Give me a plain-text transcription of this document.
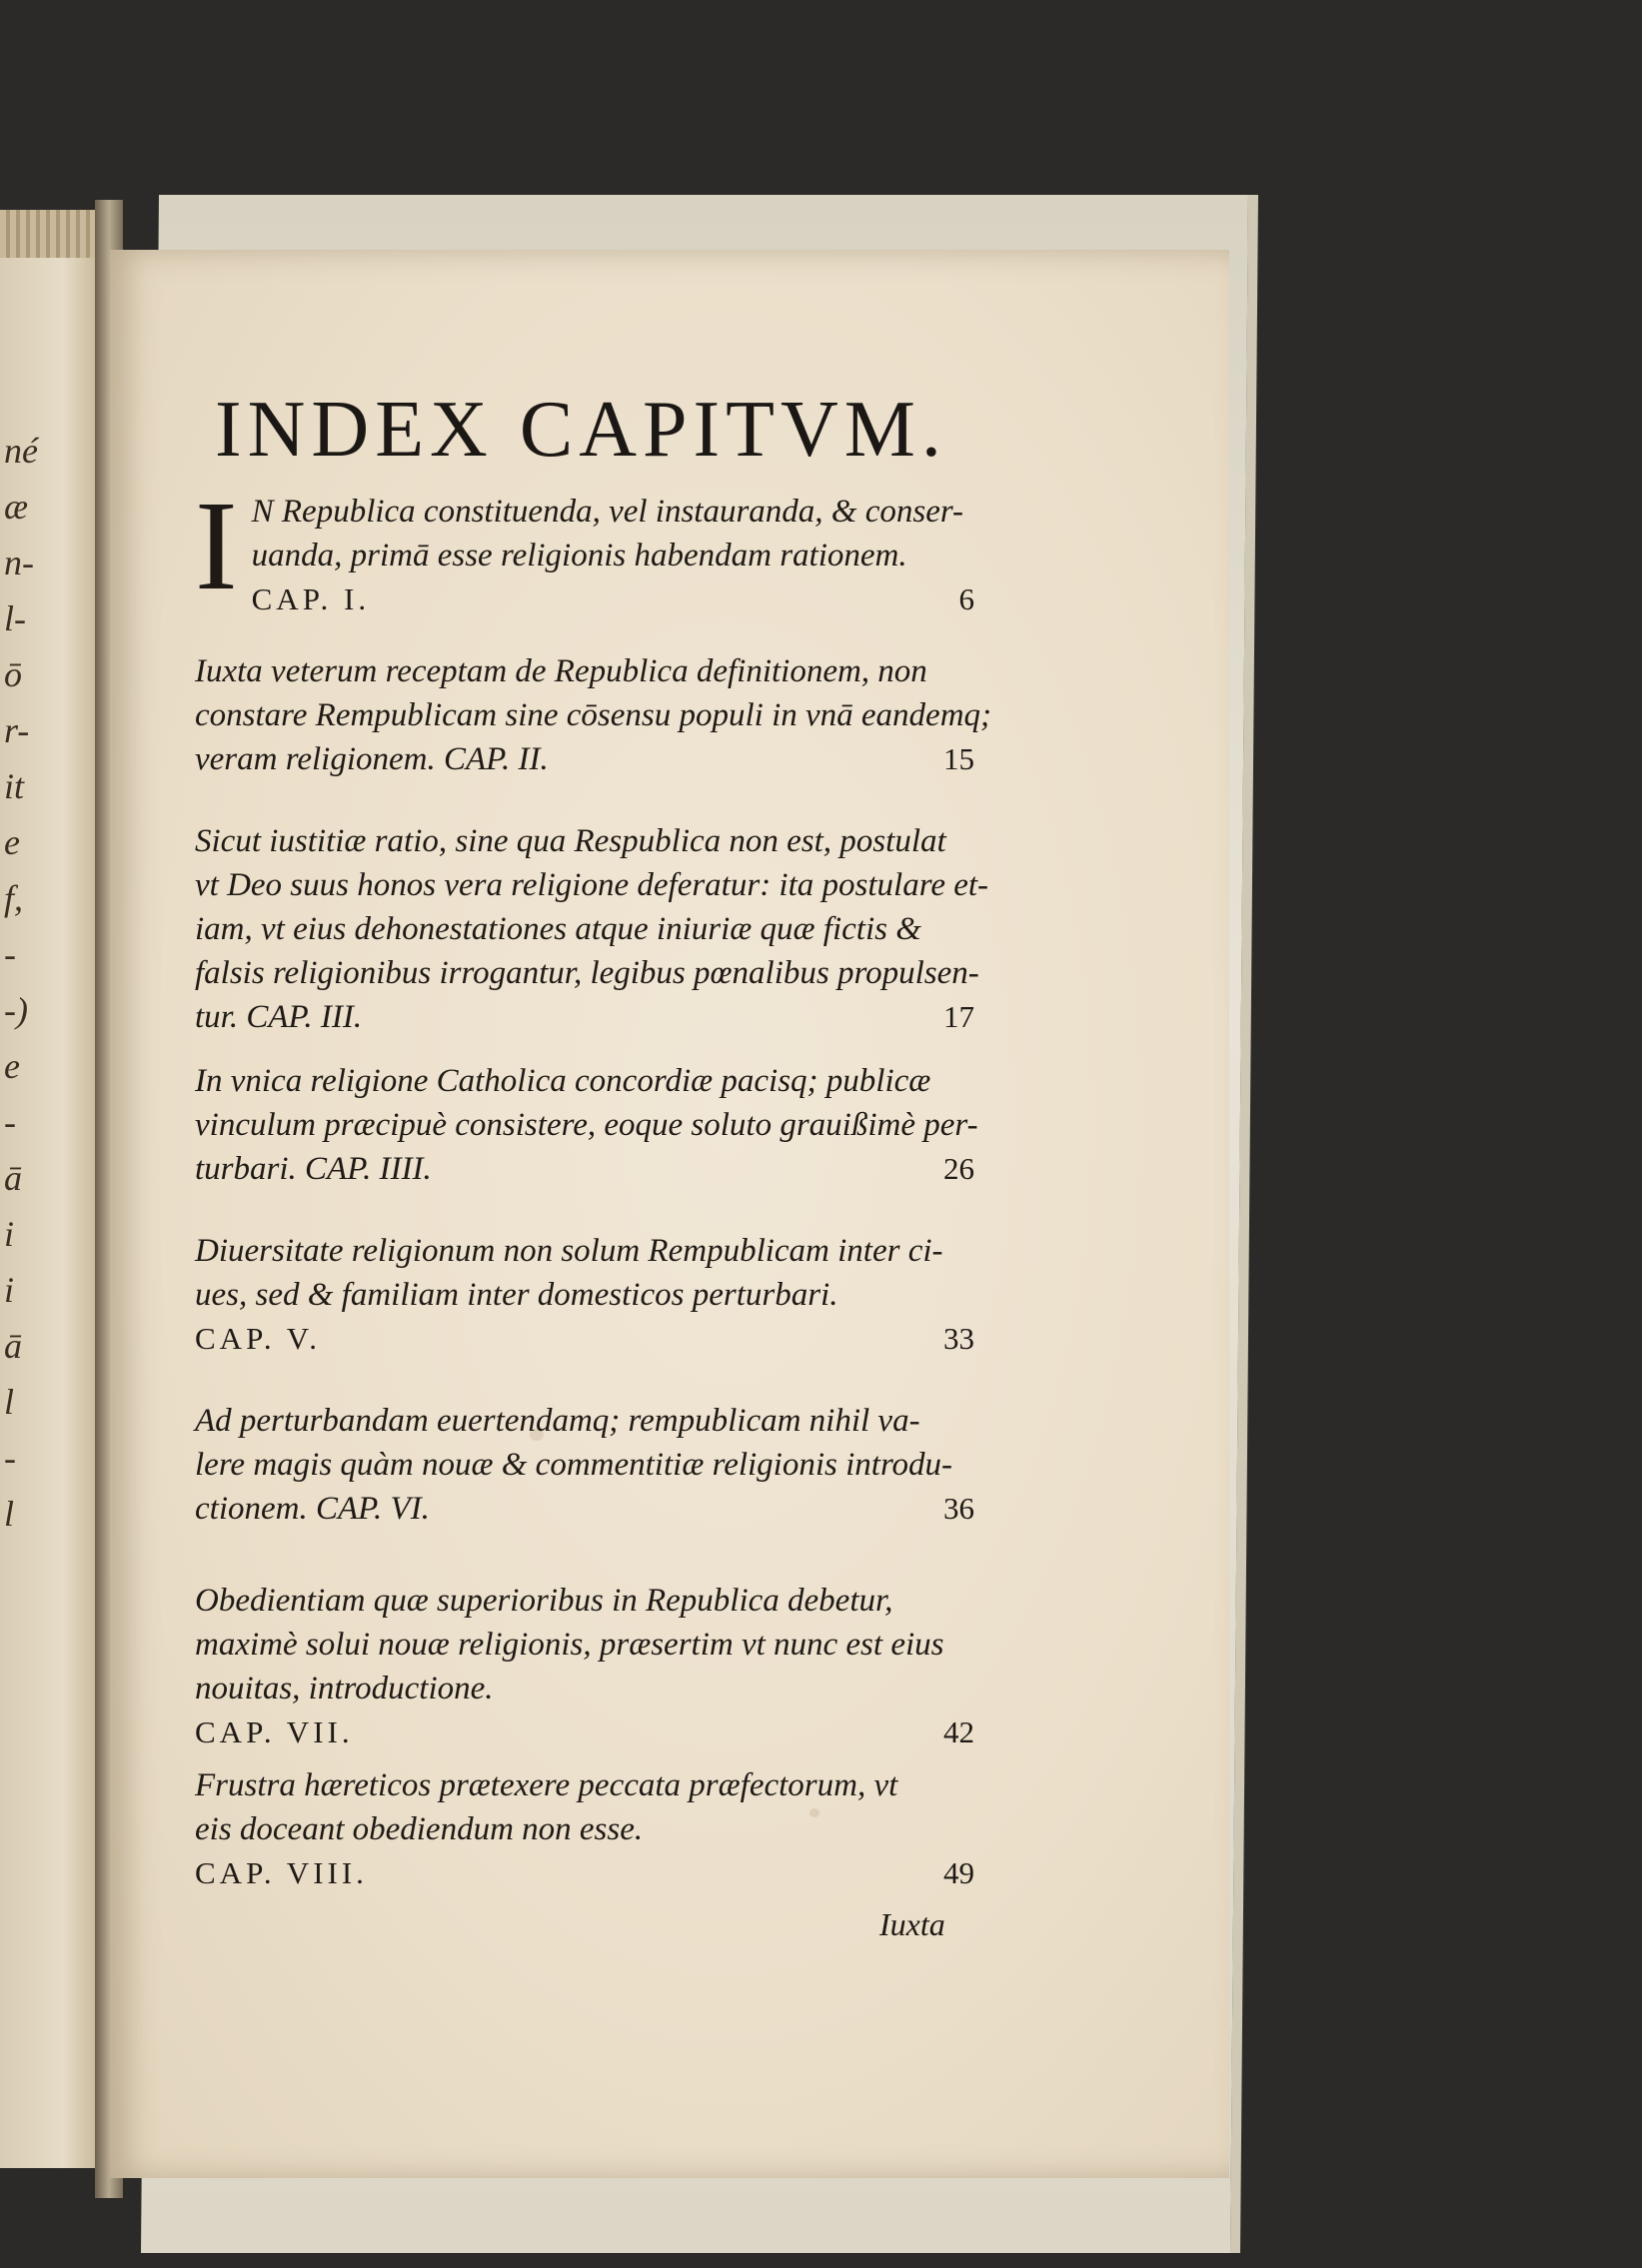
né
æ
n-
l-
ō
r-
it
e
f,
-
-)
e
-
ā
i
i
ā
l
-
l
INDEX CAPITVM.
I N Republica constituenda, vel instauranda, & conser-
uanda, primā esse religionis habendam rationem.
CAP. I.	6
Iuxta veterum receptam de Republica definitionem, non
constare Rempublicam sine cōsensu populi in vnā eandemq;
veram religionem. CAP. II.	15
Sicut iustitiæ ratio, sine qua Respublica non est, postulat
vt Deo suus honos vera religione deferatur: ita postulare et-
iam, vt eius dehonestationes atque iniuriæ quæ fictis &
falsis religionibus irrogantur, legibus pœnalibus propulsen-
tur. CAP. III.	17
In vnica religione Catholica concordiæ pacisq; publicæ
vinculum præcipuè consistere, eoque soluto grauißimè per-
turbari. CAP. IIII.	26
Diuersitate religionum non solum Rempublicam inter ci-
ues, sed & familiam inter domesticos perturbari.
CAP. V.	33
Ad perturbandam euertendamq; rempublicam nihil va-
lere magis quàm nouæ & commentitiæ religionis introdu-
ctionem. CAP. VI.	36
Obedientiam quæ superioribus in Republica debetur,
maximè solui nouæ religionis, præsertim vt nunc est eius
nouitas, introductione.
CAP. VII.	42
Frustra hæreticos prætexere peccata præfectorum, vt
eis doceant obediendum non esse.
CAP. VIII.	49
Iuxta
